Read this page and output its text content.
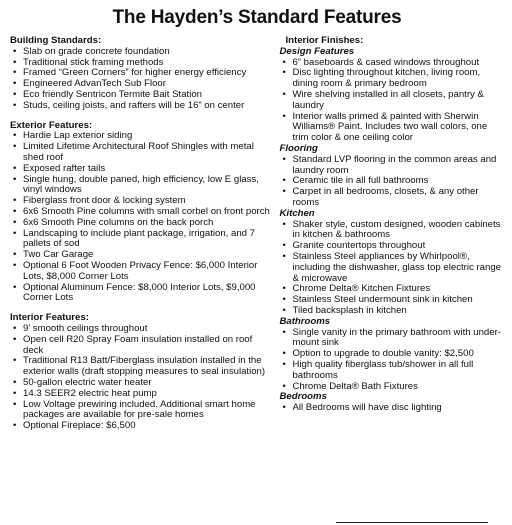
The Hayden’s Standard Features
Building Standards:
• Slab on grade concrete foundation
• Traditional stick framing methods
• Framed “Green Corners” for higher energy efficiency
• Engineered AdvanTech Sub Floor
• Eco friendly Sentricon Termite Bait Station
• Studs, ceiling joists, and rafters will be 16” on center
Exterior Features:
• Hardie Lap exterior siding
• Limited Lifetime Architectural Roof Shingles with metal shed roof
• Exposed rafter tails
• Single hung, double paned, high efficiency, low E glass, vinyl windows
• Fiberglass front door & locking system
• 6x6 Smooth Pine columns with small corbel on front porch
• 6x6 Smooth Pine columns on the back porch
• Landscaping to include plant package, irrigation, and 7 pallets of sod
• Two Car Garage
• Optional 6 Foot Wooden Privacy Fence: $6,000 Interior Lots, $8,000 Corner Lots
• Optional Aluminum Fence: $8,000 Interior Lots, $9,000 Corner Lots
Interior Features:
• 9’ smooth ceilings throughout
• Open cell R20 Spray Foam insulation installed on roof deck
• Traditional R13 Batt/Fiberglass insulation installed in the exterior walls (draft stopping measures to seal insulation)
• 50-gallon electric water heater
• 14.3 SEER2 electric heat pump
• Low Voltage prewiring included. Additional smart home packages are available for pre-sale homes
• Optional Fireplace: $6,500
Interior Finishes:
Design Features
• 6” baseboards & cased windows throughout
• Disc lighting throughout kitchen, living room, dining room & primary bedroom
• Wire shelving installed in all closets, pantry & laundry
• Interior walls primed & painted with Sherwin Williams® Paint. Includes two wall colors, one trim color & one ceiling color
Flooring
• Standard LVP flooring in the common areas and laundry room
• Ceramic tile in all full bathrooms
• Carpet in all bedrooms, closets, & any other rooms
Kitchen
• Shaker style, custom designed, wooden cabinets in kitchen & bathrooms
• Granite countertops throughout
• Stainless Steel appliances by Whirlpool®, including the dishwasher, glass top electric range & microwave
• Chrome Delta® Kitchen Fixtures
• Stainless Steel undermount sink in kitchen
• Tiled backsplash in kitchen
Bathrooms
• Single vanity in the primary bathroom with under-mount sink
• Option to upgrade to double vanity: $2,500
• High quality fiberglass tub/shower in all full bathrooms
• Chrome Delta® Bath Fixtures
Bedrooms
• All Bedrooms will have disc lighting
